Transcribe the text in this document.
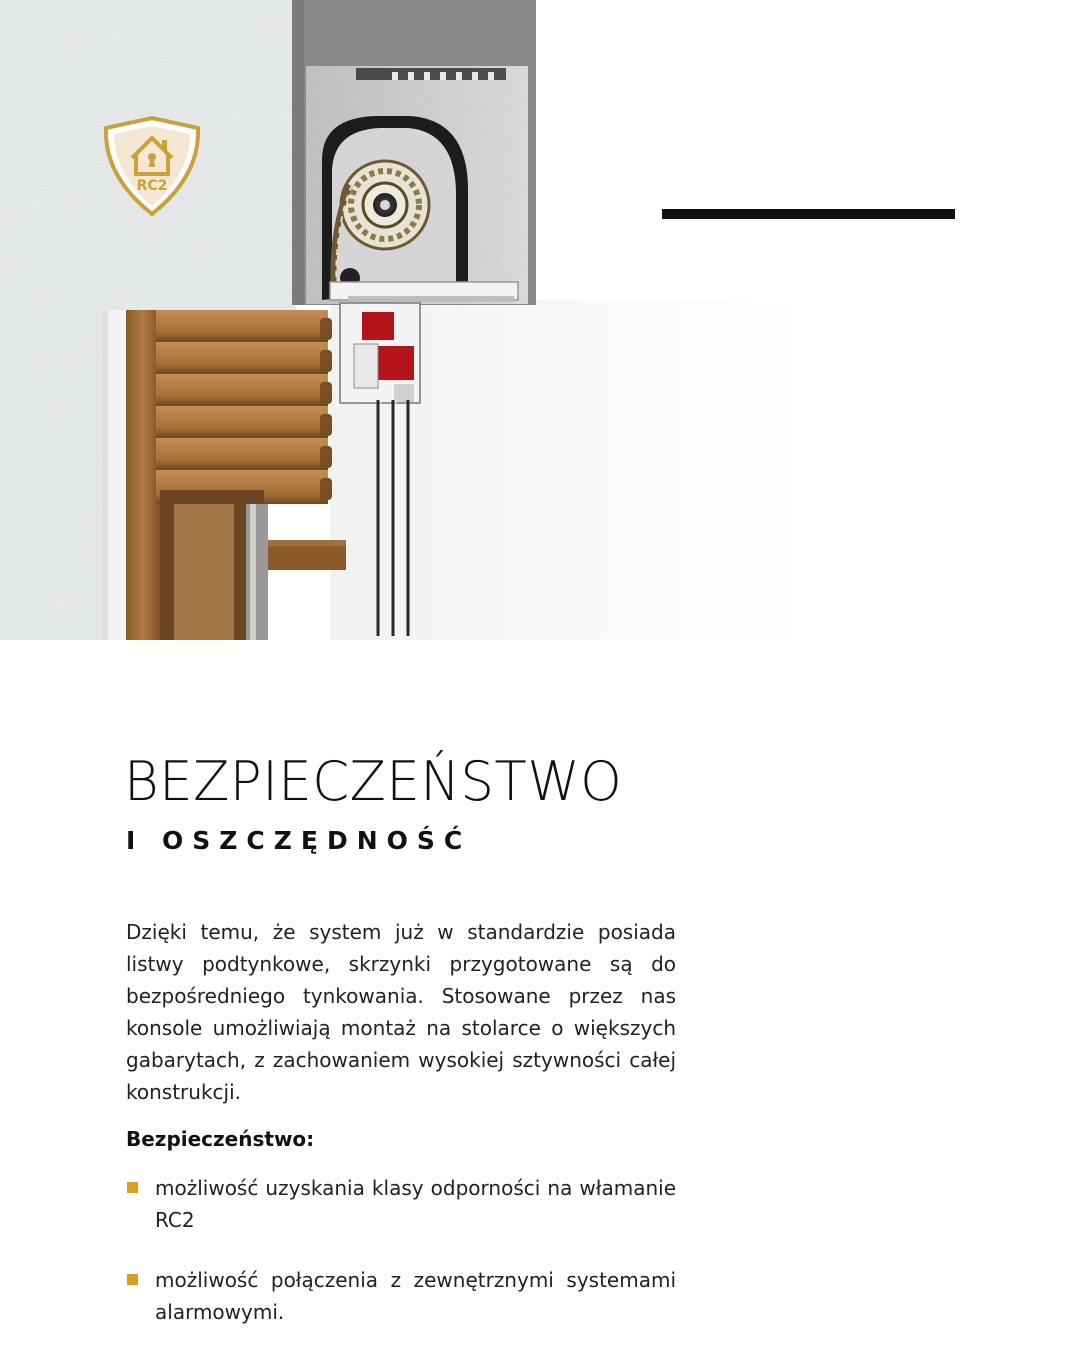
RC2
BEZPIECZEŃSTWO
I OSZCZĘDNOŚĆ

Dzięki temu, że system już w standardzie posiada listwy podtynkowe, skrzynki przygotowane są do bezpośredniego tynkowania. Stosowane przez nas konsole umożliwiają montaż na stolarce o większych gabarytach, z zachowaniem wysokiej sztywności całej konstrukcji.

Bezpieczeństwo:
możliwość uzyskania klasy odporności na włamanie RC2
możliwość połączenia z zewnętrznymi systemami alarmowymi.
